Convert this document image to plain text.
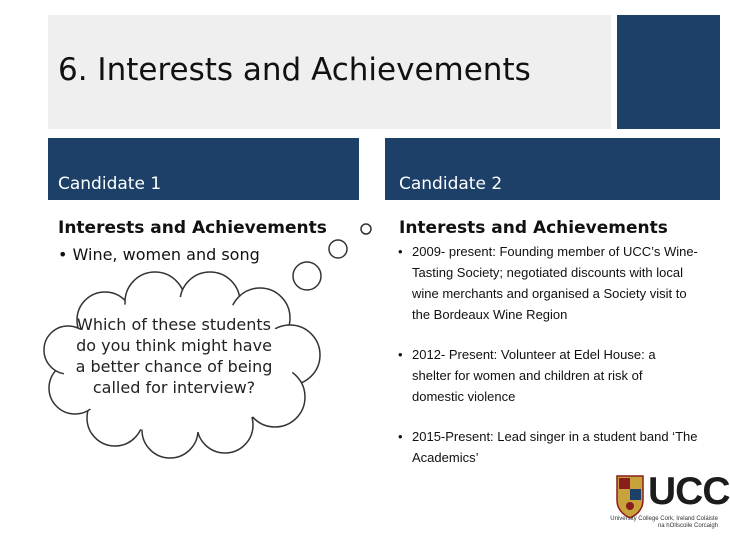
6. Interests and Achievements
Candidate 1	Candidate 2
Interests and Achievements	Interests and Achievements
• Wine, women and song	• 2009- present: Founding member of UCC’s Wine-Tasting Society; negotiated discounts with local wine merchants and organised a Society visit to the Bordeaux Wine Region
• 2012- Present: Volunteer at Edel House: a shelter for women and children at risk of domestic violence
• 2015-Present: Lead singer in a student band ‘The Academics’
Which of these students do you think might have a better chance of being called for interview?
UCC
University College Cork, Ireland Coláiste na hOllscoile Corcaigh
